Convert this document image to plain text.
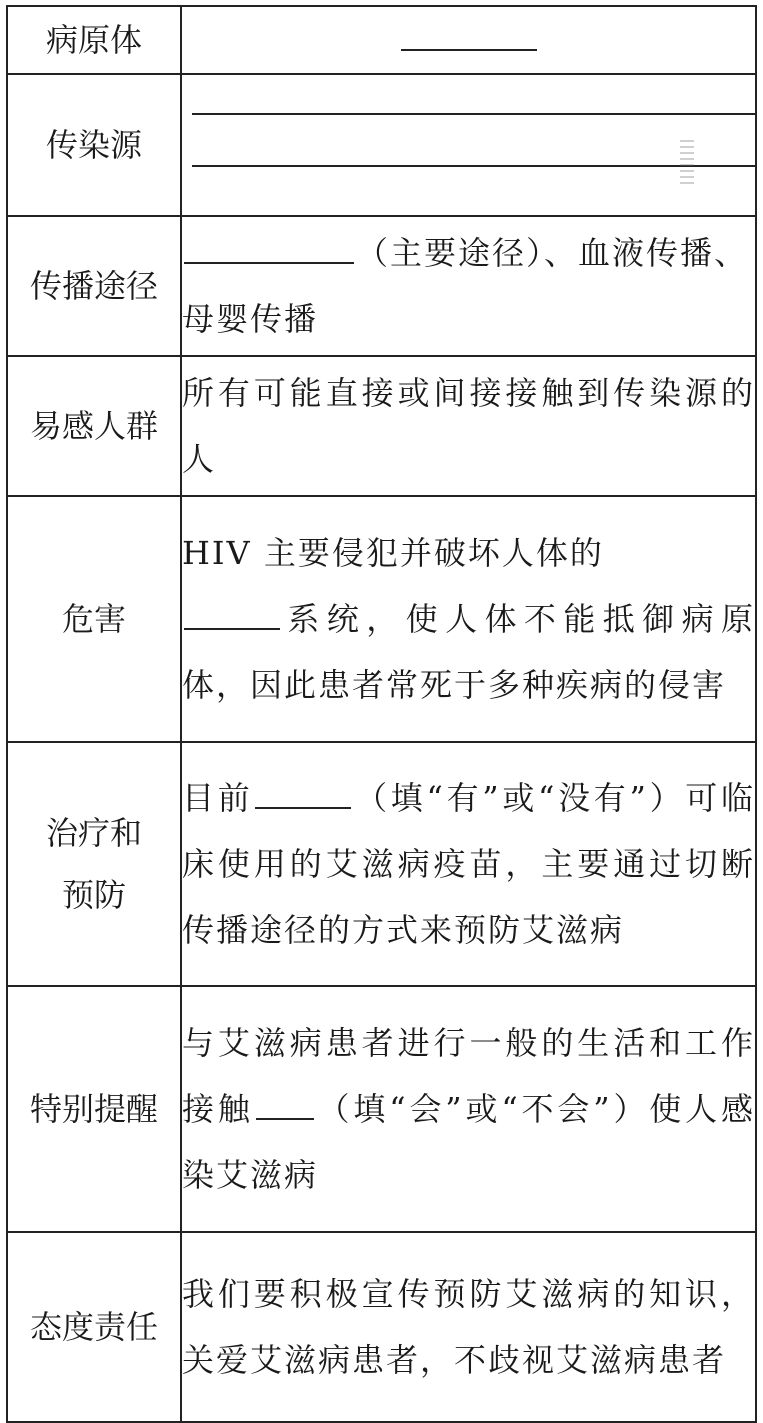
病原体	
传染源	

传播途径	（主要途径）、血液传播、
母婴传播
易感人群	所有可能直接或间接接触到传染源的人
危害	HIV 主要侵犯并破坏人体的
系统，使人体不能抵御病原体，因此患者常死于多种疾病的侵害
治疗和
预防	目前 （填“有”或“没有”）可临床使用的艾滋病疫苗，主要通过切断传播途径的方式来预防艾滋病
特别提醒	与艾滋病患者进行一般的生活和工作接触 （填“会”或“不会”）使人感染艾滋病
态度责任	我们要积极宣传预防艾滋病的知识，关爱艾滋病患者，不歧视艾滋病患者
